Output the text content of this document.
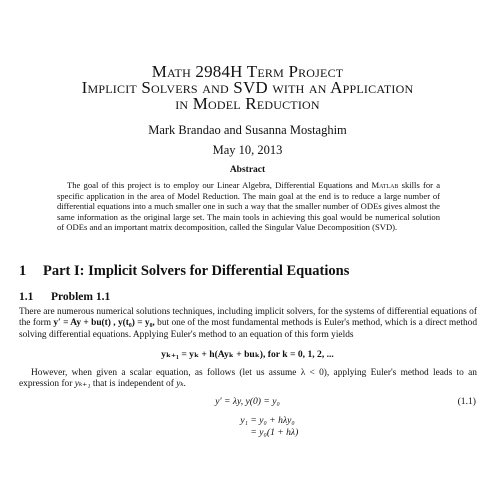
Math 2984H Term Project
Implicit Solvers and SVD with an Application
in Model Reduction
Mark Brandao and Susanna Mostaghim
May 10, 2013
Abstract
The goal of this project is to employ our Linear Algebra, Differential Equations and Matlab skills for a specific application in the area of Model Reduction. The main goal at the end is to reduce a large number of differential equations into a much smaller one in such a way that the smaller number of ODEs gives almost the same information as the original large set. The main tools in achieving this goal would be numerical solution of ODEs and an important matrix decomposition, called the Singular Value Decomposition (SVD).
1 Part I: Implicit Solvers for Differential Equations
1.1 Problem 1.1
There are numerous numerical solutions techniques, including implicit solvers, for the systems of differential equations of the form y′ = Ay + bu(t) , y(t₀) = y₀, but one of the most fundamental methods is Euler's method, which is a direct method solving differential equations. Applying Euler's method to an equation of this form yields
yₖ₊₁ = yₖ + h(Ayₖ + buₖ), for k = 0, 1, 2, ...
However, when given a scalar equation, as follows (let us assume λ < 0), applying Euler's method leads to an expression for yₖ₊₁ that is independent of yₖ.
y′ = λy, y(0) = y₀	(1.1)
y₁ = y₀ + hλy₀
= y₀(1 + hλ)
